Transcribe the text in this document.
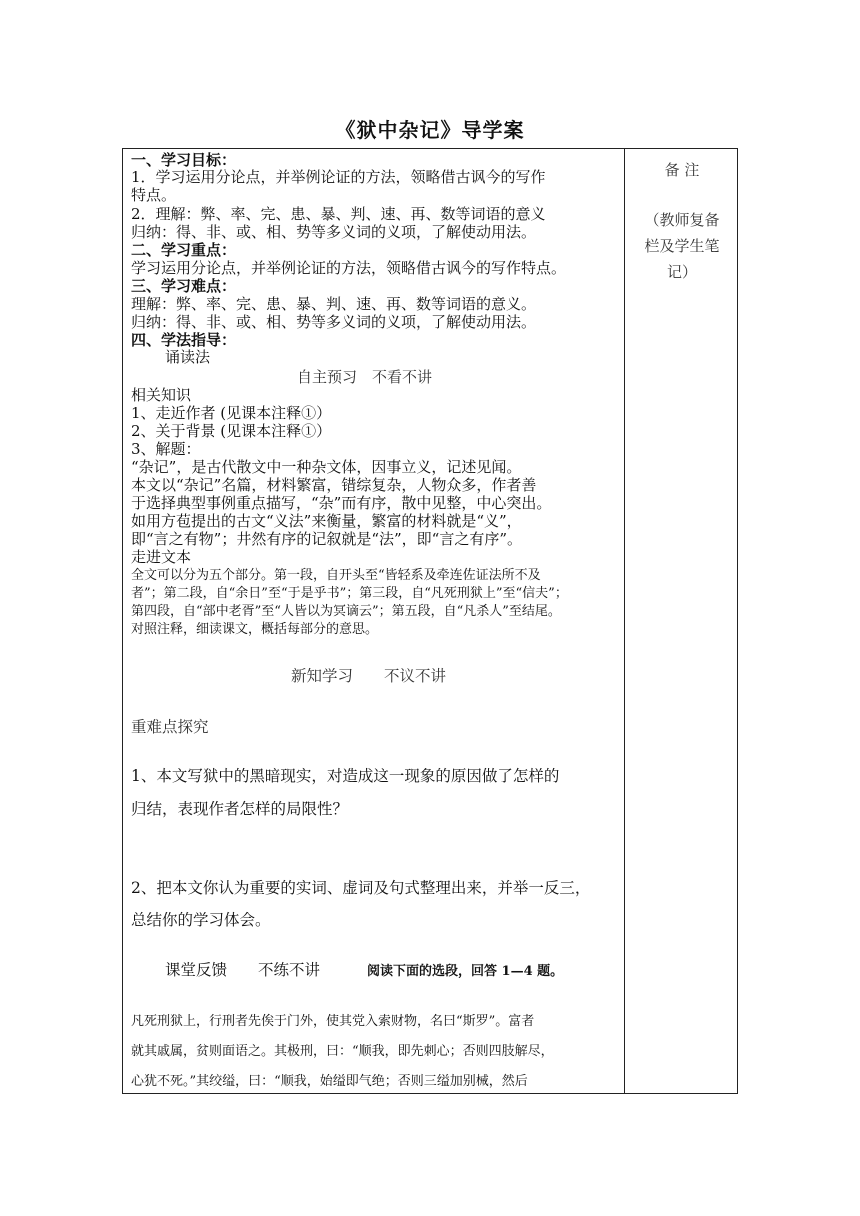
《狱中杂记》导学案
备 注
（教师复备
栏及学生笔
记）
一、学习目标：
1．学习运用分论点，并举例论证的方法，领略借古讽今的写作
特点。
2．理解：弊、率、完、患、暴、判、速、再、数等词语的意义
归纳：得、非、或、相、势等多义词的义项，了解使动用法。
二、学习重点：
学习运用分论点，并举例论证的方法，领略借古讽今的写作特点。
三、学习难点：
理解：弊、率、完、患、暴、判、速、再、数等词语的意义。
归纳：得、非、或、相、势等多义词的义项，了解使动用法。
四、学法指导：
诵读法
自主预习　不看不讲
相关知识
1、走近作者 (见课本注释①）
2、关于背景 (见课本注释①）
3、解题：
“杂记”，是古代散文中一种杂文体，因事立义，记述见闻。
本文以“杂记”名篇，材料繁富，错综复杂，人物众多，作者善
于选择典型事例重点描写，“杂”而有序，散中见整，中心突出。
如用方苞提出的古文“义法”来衡量，繁富的材料就是“义”，
即“言之有物”；井然有序的记叙就是“法”，即“言之有序”。
走进文本
全文可以分为五个部分。第一段，自开头至“皆轻系及牵连佐证法所不及
者”；第二段，自“余日”至“于是乎书”；第三段，自“凡死刑狱上”至“信夫”；
第四段，自“部中老胥”至“人皆以为冥谪云”；第五段，自“凡杀人”至结尾。
对照注释，细读课文，概括每部分的意思。
新知学习　　不议不讲
重难点探究
1、本文写狱中的黑暗现实，对造成这一现象的原因做了怎样的
归结，表现作者怎样的局限性？
2、把本文你认为重要的实词、虚词及句式整理出来，并举一反三，
总结你的学习体会。
课堂反馈　　不练不讲	阅读下面的选段，回答 1—4 题。
凡死刑狱上，行刑者先俟于门外，使其党入索财物，名曰“斯罗”。富者
就其戚属，贫则面语之。其极刑，曰：“顺我，即先刺心；否则四肢解尽，
心犹不死。”其绞缢，曰：“顺我，始缢即气绝；否则三缢加别械，然后
